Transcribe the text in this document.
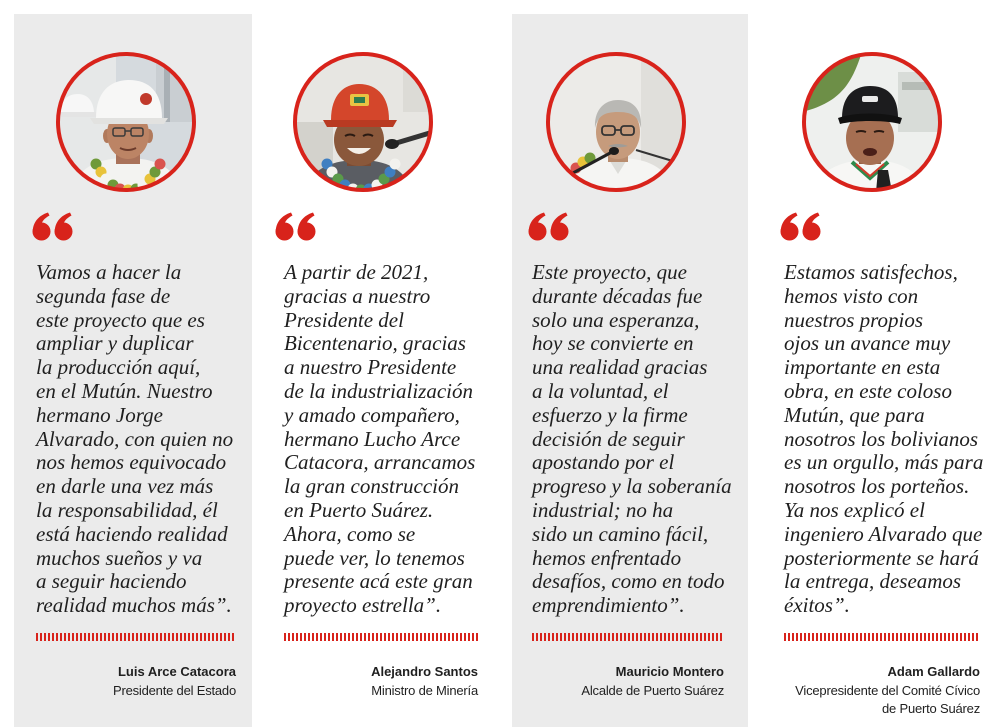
Vamos a hacer la
segunda fase de
este proyecto que es
ampliar y duplicar
la producción aquí,
en el Mutún. Nuestro
hermano Jorge
Alvarado, con quien no
nos hemos equivocado
en darle una vez más
la responsabilidad, él
está haciendo realidad
muchos sueños y va
a seguir haciendo
realidad muchos más”.
Luis Arce Catacora
Presidente del Estado
A partir de 2021,
gracias a nuestro
Presidente del
Bicentenario, gracias
a nuestro Presidente
de la industrialización
y amado compañero,
hermano Lucho Arce
Catacora, arrancamos
la gran construcción
en Puerto Suárez.
Ahora, como se
puede ver, lo tenemos
presente acá este gran
proyecto estrella”.
Alejandro Santos
Ministro de Minería
Este proyecto, que
durante décadas fue
solo una esperanza,
hoy se convierte en
una realidad gracias
a la voluntad, el
esfuerzo y la firme
decisión de seguir
apostando por el
progreso y la soberanía
industrial; no ha
sido un camino fácil,
hemos enfrentado
desafíos, como en todo
emprendimiento”.
Mauricio Montero
Alcalde de Puerto Suárez
Estamos satisfechos,
hemos visto con
nuestros propios
ojos un avance muy
importante en esta
obra, en este coloso
Mutún, que para
nosotros los bolivianos
es un orgullo, más para
nosotros los porteños.
Ya nos explicó el
ingeniero Alvarado que
posteriormente se hará
la entrega, deseamos
éxitos”.
Adam Gallardo
Vicepresidente del Comité Cívico
de Puerto Suárez
